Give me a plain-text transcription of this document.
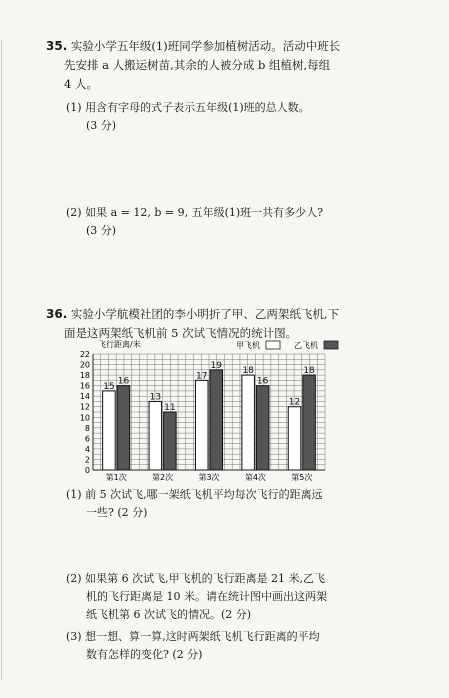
35. 实验小学五年级(1)班同学参加植树活动。活动中班长
先安排 a 人搬运树苗,其余的人被分成 b 组植树,每组
4 人。
(1) 用含有字母的式子表示五年级(1)班的总人数。
(3 分)
(2) 如果 a = 12, b = 9, 五年级(1)班一共有多少人?
(3 分)
36. 实验小学航模社团的李小明折了甲、乙两架纸飞机,下
面是这两架纸飞机前 5 次试飞情况的统计图。
0
2
4
6
8
10
12
14
16
18
20
22
第1次
15
16
第2次
13
11
第3次
17
19
第4次
18
16
第5次
12
18
飞行距离/米	甲飞机	乙飞机
(1) 前 5 次试飞,哪一架纸飞机平均每次飞行的距离远
一些? (2 分)
(2) 如果第 6 次试飞,甲飞机的飞行距离是 21 米,乙飞
机的飞行距离是 10 米。请在统计图中画出这两架
纸飞机第 6 次试飞的情况。(2 分)
(3) 想一想、算一算,这时两架纸飞机飞行距离的平均
数有怎样的变化? (2 分)
